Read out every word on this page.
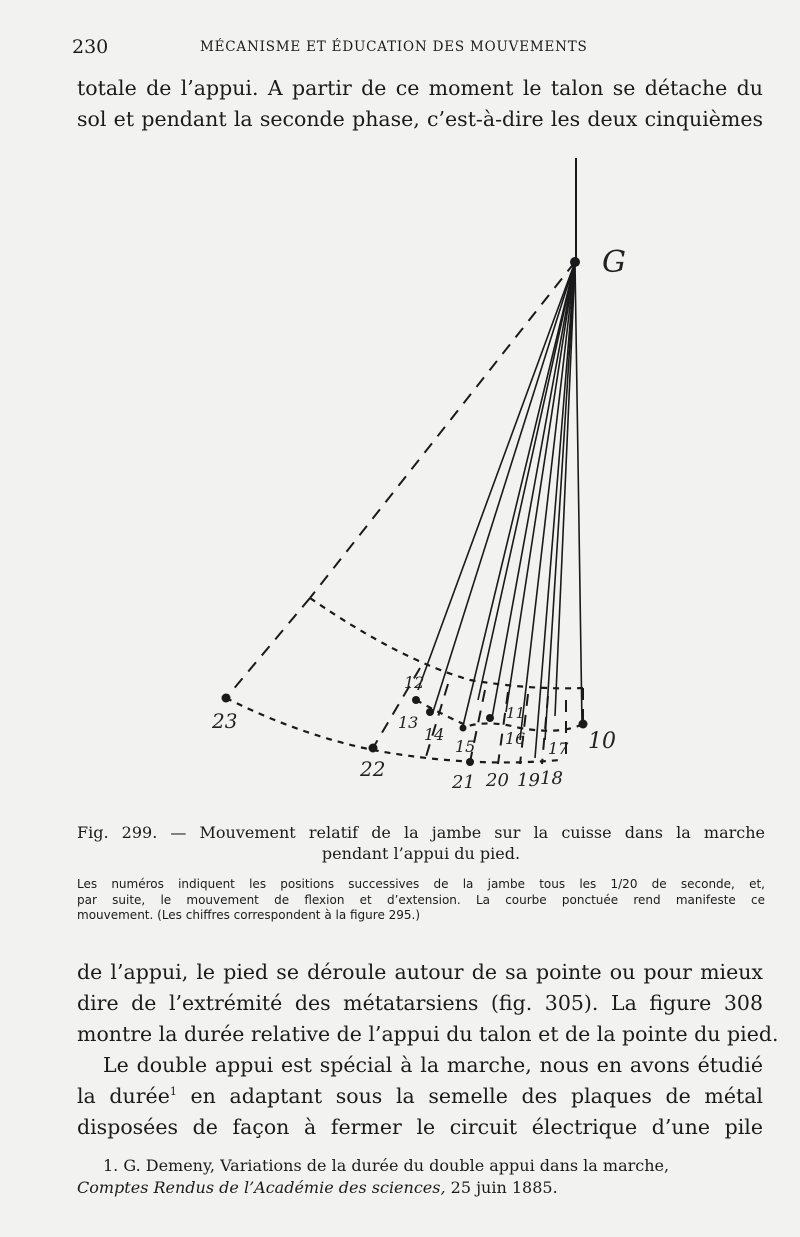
230	MÉCANISME ET ÉDUCATION DES MOUVEMENTS
totale de l’appui. A partir de ce moment le talon se détache du
sol et pendant la seconde phase, c’est-à-dire les deux cinquièmes
G
10
11
12
13
14
15 16
17
18
19
20
21
22
23
Fig. 299. — Mouvement relatif de la jambe sur la cuisse dans la marche
pendant l’appui du pied.
Les numéros indiquent les positions successives de la jambe tous les 1/20 de seconde, et,
par suite, le mouvement de flexion et d’extension. La courbe ponctuée rend manifeste ce
mouvement. (Les chiffres correspondent à la figure 295.)
de l’appui, le pied se déroule autour de sa pointe ou pour mieux
dire de l’extrémité des métatarsiens (fig. 305). La figure 308
montre la durée relative de l’appui du talon et de la pointe du pied.
Le double appui est spécial à la marche, nous en avons étudié
la durée$^1$ en adaptant sous la semelle des plaques de métal
disposées de façon à fermer le circuit électrique d’une pile
1. G. Demeny, Variations de la durée du double appui dans la marche,
Comptes Rendus de l’Académie des sciences, 25 juin 1885.
